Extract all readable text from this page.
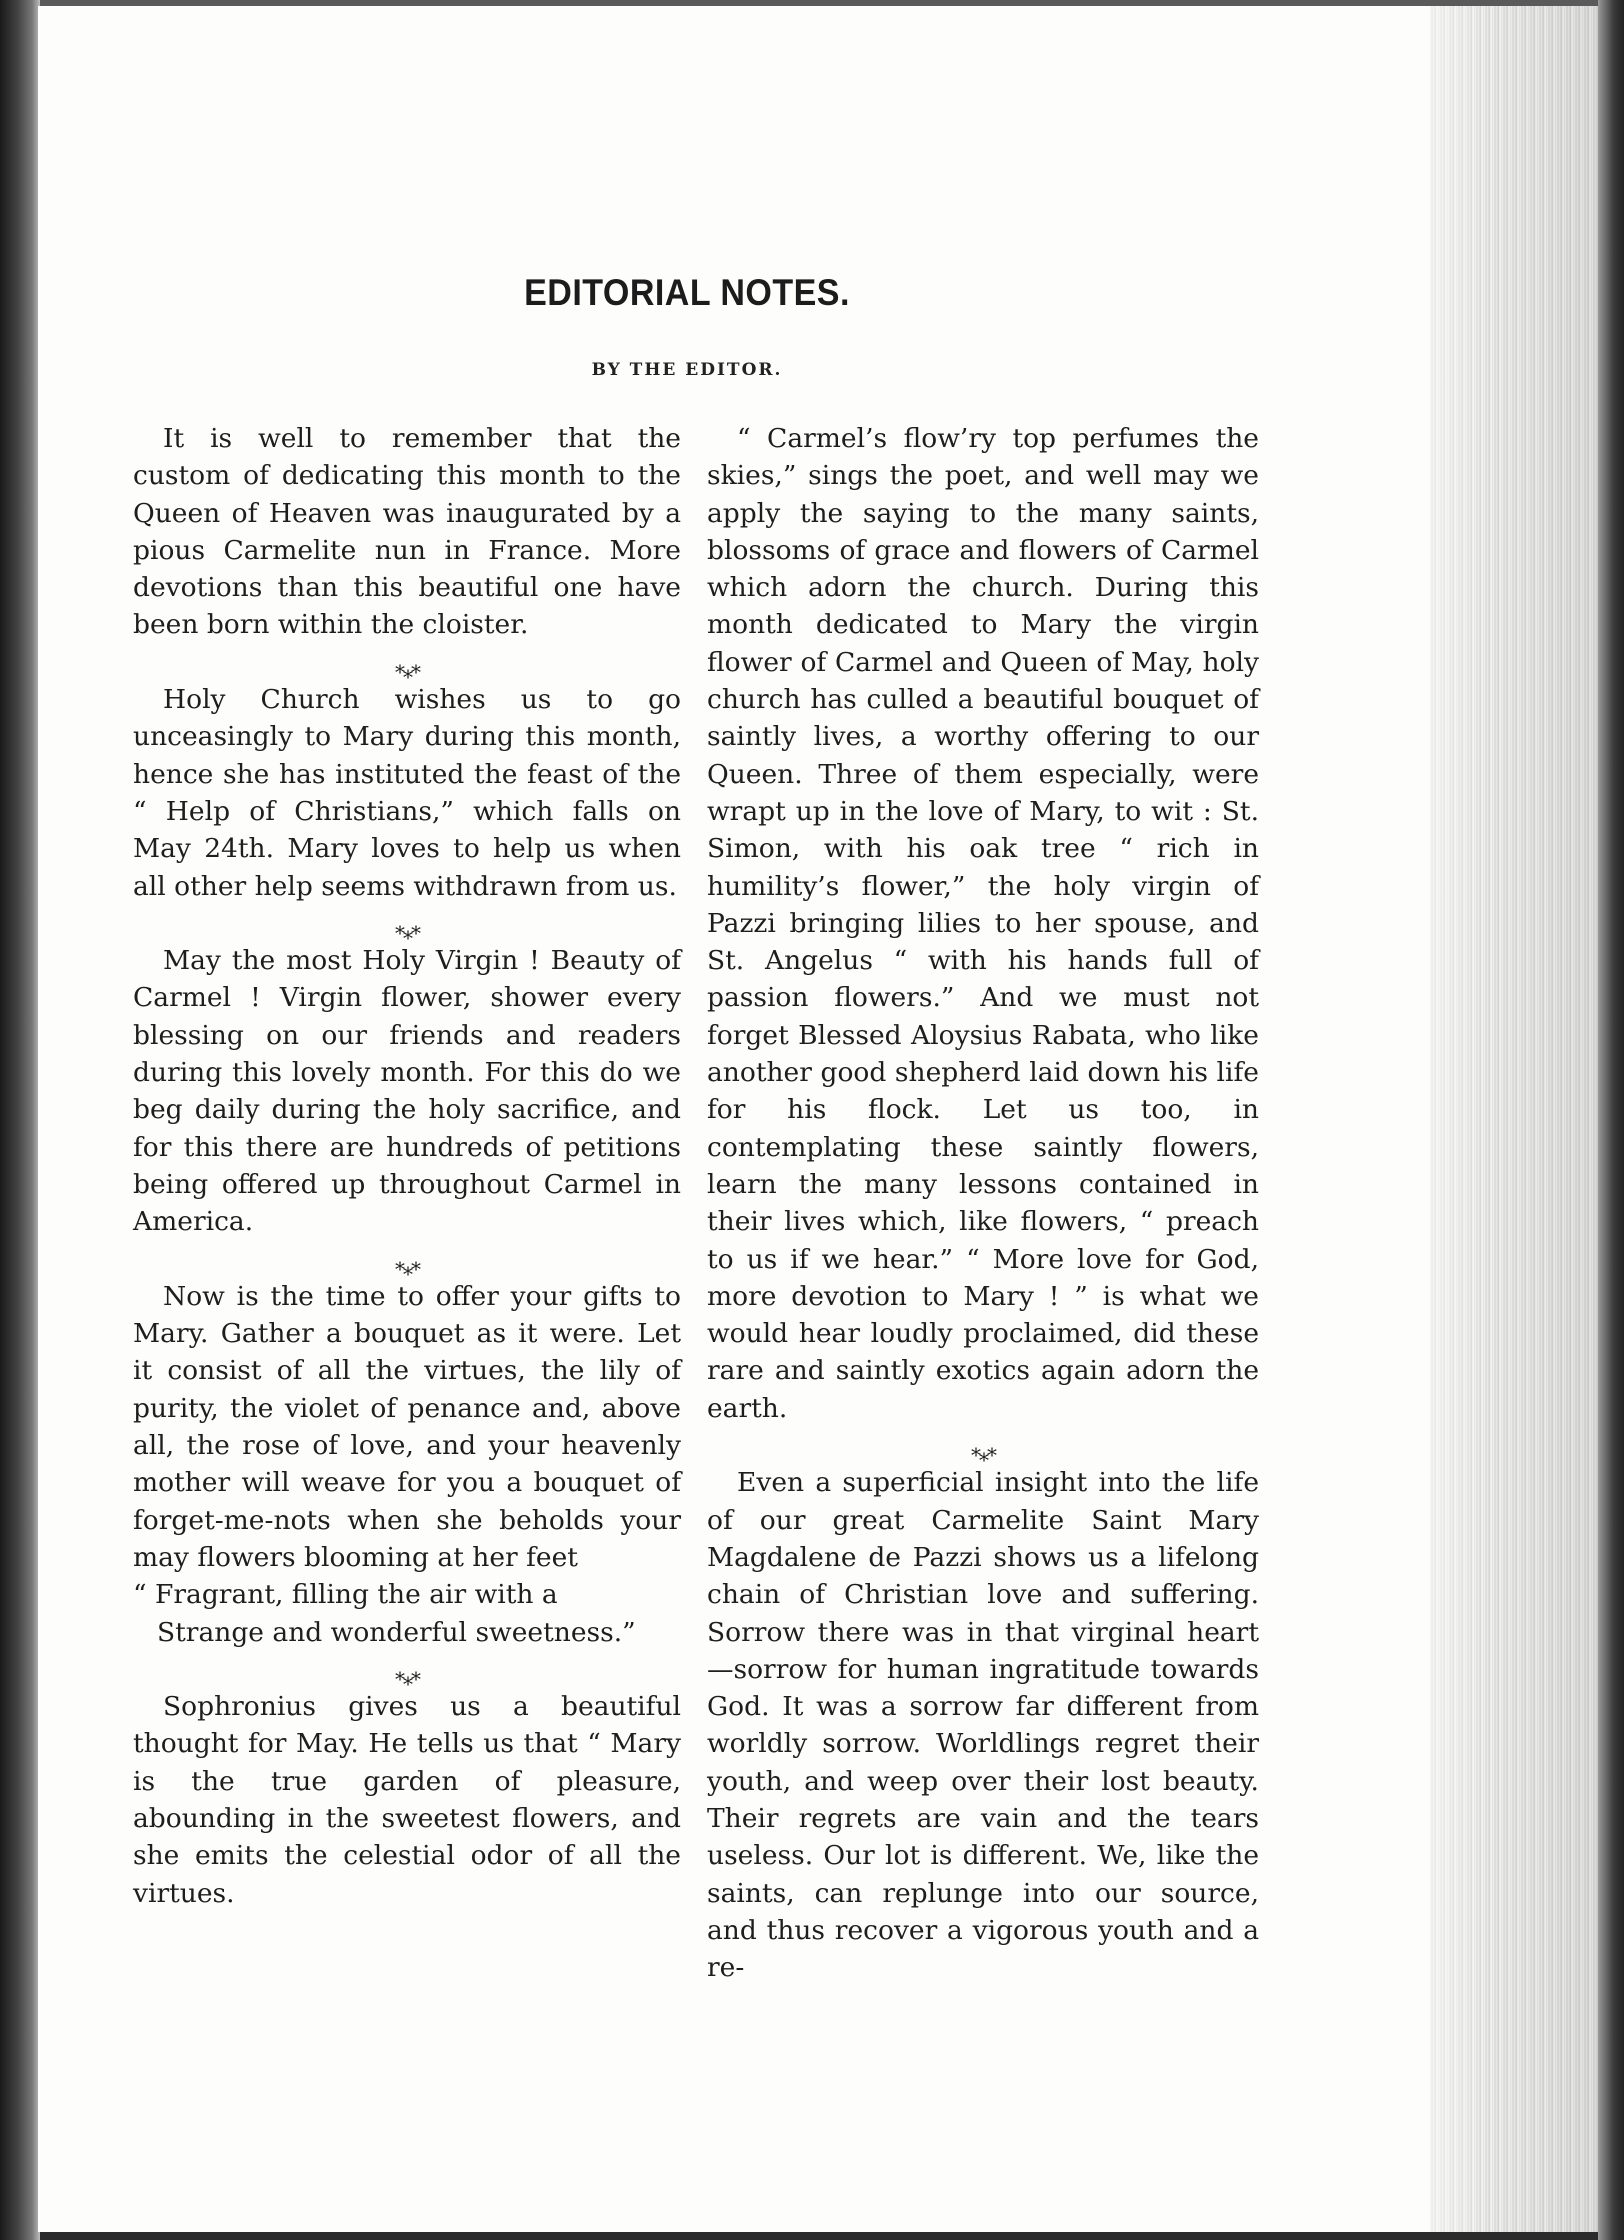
EDITORIAL NOTES.
BY THE EDITOR.

It is well to remember that the custom of dedicating this month to the Queen of Heaven was inaugurated by a pious Carmelite nun in France. More devotions than this beautiful one have been born within the cloister.

***

Holy Church wishes us to go unceasingly to Mary during this month, hence she has instituted the feast of the “ Help of Christians,” which falls on May 24th. Mary loves to help us when all other help seems withdrawn from us.

***

May the most Holy Virgin ! Beauty of Carmel ! Virgin flower, shower every blessing on our friends and readers during this lovely month. For this do we beg daily during the holy sacrifice, and for this there are hundreds of petitions being offered up throughout Carmel in America.

***

Now is the time to offer your gifts to Mary. Gather a bouquet as it were. Let it consist of all the virtues, the lily of purity, the violet of penance and, above all, the rose of love, and your heavenly mother will weave for you a bouquet of forget-me-nots when she beholds your may flowers blooming at her feet

“ Fragrant, filling the air with a
Strange and wonderful sweetness.”
***

Sophronius gives us a beautiful thought for May. He tells us that “ Mary is the true garden of pleasure, abounding in the sweetest flowers, and she emits the celestial odor of all the virtues.

“ Carmel’s flow’ry top perfumes the skies,” sings the poet, and well may we apply the saying to the many saints, blossoms of grace and flowers of Carmel which adorn the church. During this month dedicated to Mary the virgin flower of Carmel and Queen of May, holy church has culled a beautiful bouquet of saintly lives, a worthy offering to our Queen. Three of them especially, were wrapt up in the love of Mary, to wit : St. Simon, with his oak tree “ rich in humility’s flower,” the holy virgin of Pazzi bringing lilies to her spouse, and St. Angelus “ with his hands full of passion flowers.” And we must not forget Blessed Aloysius Rabata, who like another good shepherd laid down his life for his flock. Let us too, in contemplating these saintly flowers, learn the many lessons contained in their lives which, like flowers, “ preach to us if we hear.” “ More love for God, more devotion to Mary ! ” is what we would hear loudly proclaimed, did these rare and saintly exotics again adorn the earth.

***

Even a superficial insight into the life of our great Carmelite Saint Mary Magdalene de Pazzi shows us a lifelong chain of Christian love and suffering. Sorrow there was in that virginal heart—sorrow for human ingratitude towards God. It was a sorrow far different from worldly sorrow. Worldlings regret their youth, and weep over their lost beauty. Their regrets are vain and the tears useless. Our lot is different. We, like the saints, can replunge into our source, and thus recover a vigorous youth and a re-
